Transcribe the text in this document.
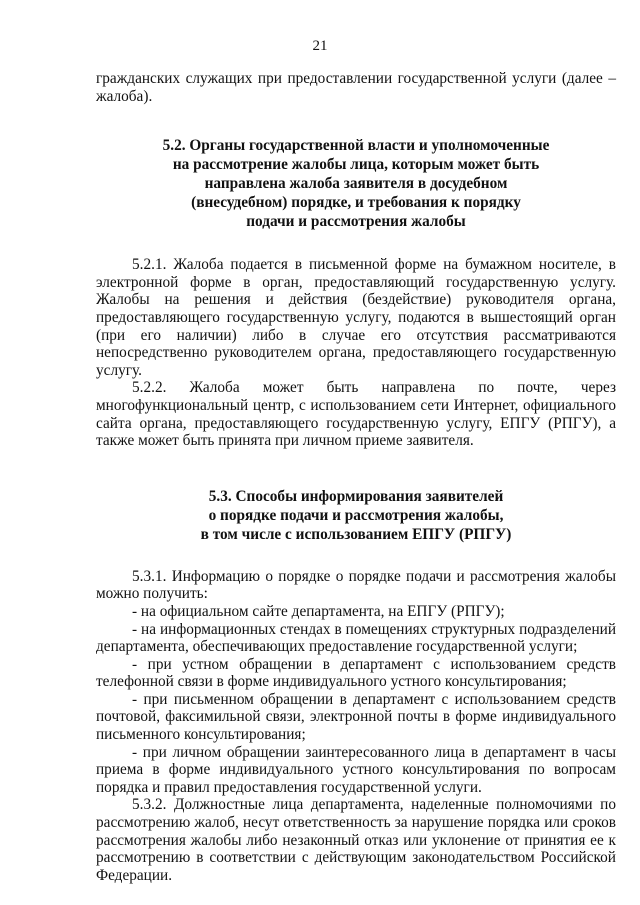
21

гражданских служащих при предоставлении государственной услуги (далее – жалоба).

5.2. Органы государственной власти и уполномоченные
на рассмотрение жалобы лица, которым может быть
направлена жалоба заявителя в досудебном
(внесудебном) порядке, и требования к порядку
подачи и рассмотрения жалобы

5.2.1. Жалоба подается в письменной форме на бумажном носителе, в электронной форме в орган, предоставляющий государственную услугу. Жалобы на решения и действия (бездействие) руководителя органа, предоставляющего государственную услугу, подаются в вышестоящий орган (при его наличии) либо в случае его отсутствия рассматриваются непосредственно руководителем органа, предоставляющего государственную услугу.

5.2.2. Жалоба может быть направлена по почте, через многофункциональный центр, с использованием сети Интернет, официального сайта органа, предоставляющего государственную услугу, ЕПГУ (РПГУ), а также может быть принята при личном приеме заявителя.

5.3. Способы информирования заявителей
о порядке подачи и рассмотрения жалобы,
в том числе с использованием ЕПГУ (РПГУ)

5.3.1. Информацию о порядке о порядке подачи и рассмотрения жалобы можно получить:

- на официальном сайте департамента, на ЕПГУ (РПГУ);

- на информационных стендах в помещениях структурных подразделений департамента, обеспечивающих предоставление государственной услуги;

- при устном обращении в департамент с использованием средств телефонной связи в форме индивидуального устного консультирования;

- при письменном обращении в департамент с использованием средств почтовой, факсимильной связи, электронной почты в форме индивидуального письменного консультирования;

- при личном обращении заинтересованного лица в департамент в часы приема в форме индивидуального устного консультирования по вопросам порядка и правил предоставления государственной услуги.

5.3.2. Должностные лица департамента, наделенные полномочиями по рассмотрению жалоб, несут ответственность за нарушение порядка или сроков рассмотрения жалобы либо незаконный отказ или уклонение от принятия ее к рассмотрению в соответствии с действующим законодательством Российской Федерации.
